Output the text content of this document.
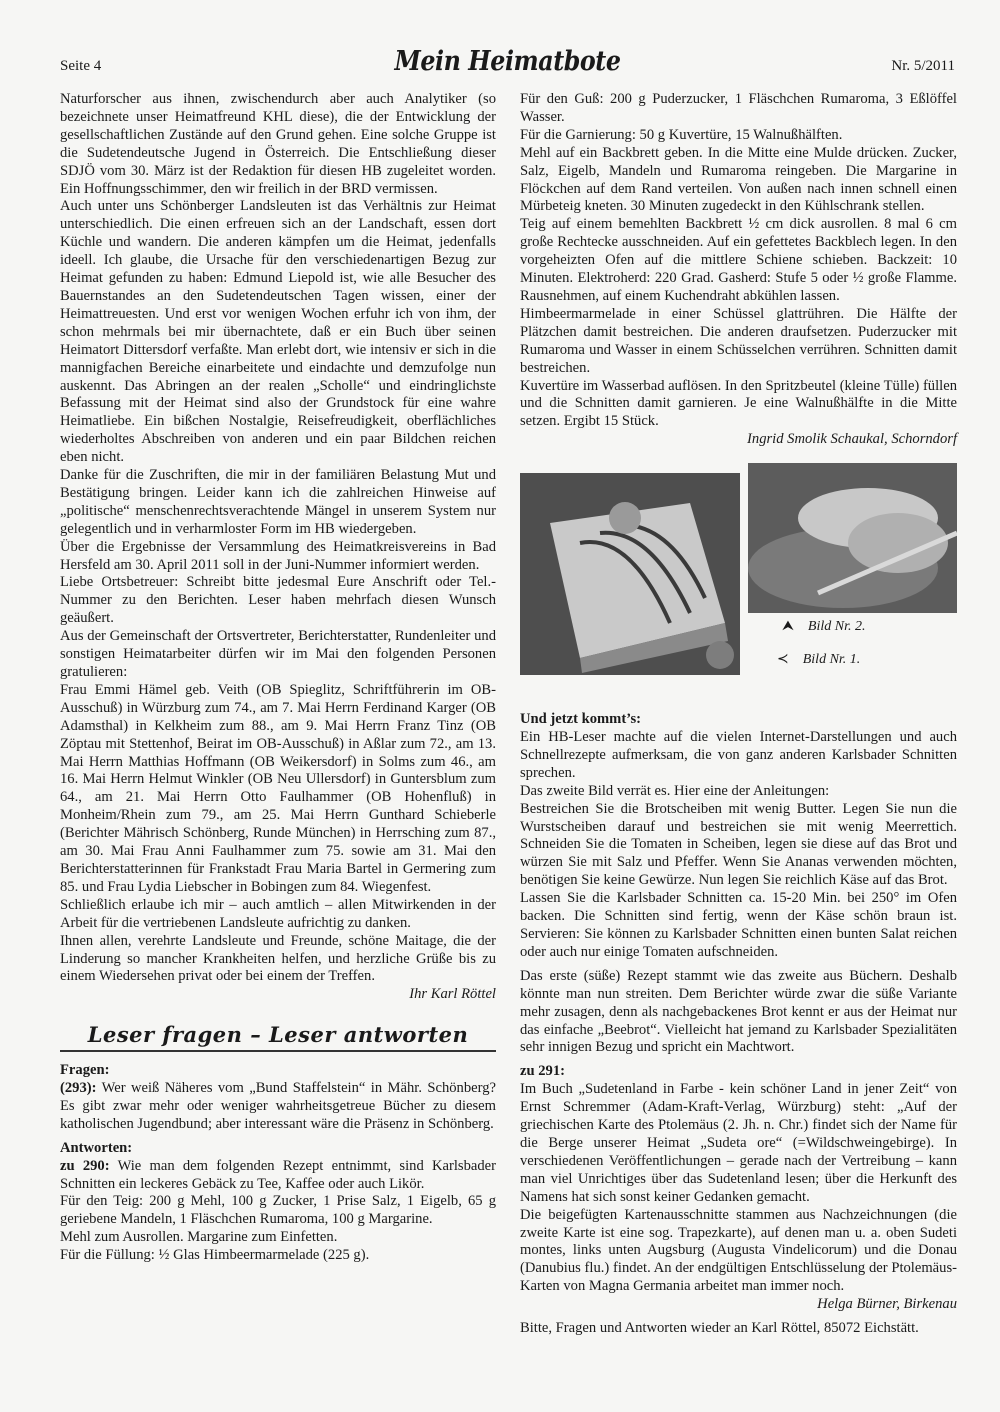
Seite 4	Mein Heimatbote	Nr. 5/2011

Naturforscher aus ihnen, zwischendurch aber auch Analytiker (so bezeichnete unser Heimatfreund KHL diese), die der Entwicklung der gesellschaftlichen Zustände auf den Grund gehen. Eine solche Gruppe ist die Sudetendeutsche Jugend in Österreich. Die Entschließung dieser SDJÖ vom 30. März ist der Redaktion für diesen HB zugeleitet worden. Ein Hoffnungsschimmer, den wir freilich in der BRD vermissen.

Auch unter uns Schönberger Landsleuten ist das Verhältnis zur Heimat unterschiedlich. Die einen erfreuen sich an der Landschaft, essen dort Küchle und wandern. Die anderen kämpfen um die Heimat, jedenfalls ideell. Ich glaube, die Ursache für den verschiedenartigen Bezug zur Heimat gefunden zu haben: Edmund Liepold ist, wie alle Besucher des Bauernstandes an den Sudetendeutschen Tagen wissen, einer der Heimattreuesten. Und erst vor wenigen Wochen erfuhr ich von ihm, der schon mehrmals bei mir übernachtete, daß er ein Buch über seinen Heimatort Dittersdorf verfaßte. Man erlebt dort, wie intensiv er sich in die mannigfachen Bereiche einarbeitete und eindachte und demzufolge nun auskennt. Das Abringen an der realen „Scholle“ und eindringlichste Befassung mit der Heimat sind also der Grundstock für eine wahre Heimatliebe. Ein bißchen Nostalgie, Reisefreudigkeit, oberflächliches wiederholtes Abschreiben von anderen und ein paar Bildchen reichen eben nicht.

Danke für die Zuschriften, die mir in der familiären Belastung Mut und Bestätigung bringen. Leider kann ich die zahlreichen Hinweise auf „politische“ menschenrechtsverachtende Mängel in unserem System nur gelegentlich und in verharmloster Form im HB wiedergeben.

Über die Ergebnisse der Versammlung des Heimatkreisvereins in Bad Hersfeld am 30. April 2011 soll in der Juni-Nummer informiert werden.

Liebe Ortsbetreuer: Schreibt bitte jedesmal Eure Anschrift oder Tel.-Nummer zu den Berichten. Leser haben mehrfach diesen Wunsch geäußert.

Aus der Gemeinschaft der Ortsvertreter, Berichterstatter, Rundenleiter und sonstigen Heimatarbeiter dürfen wir im Mai den folgenden Personen gratulieren:

Frau Emmi Hämel geb. Veith (OB Spieglitz, Schriftführerin im OB-Ausschuß) in Würzburg zum 74., am 7. Mai Herrn Ferdinand Karger (OB Adamsthal) in Kelkheim zum 88., am 9. Mai Herrn Franz Tinz (OB Zöptau mit Stettenhof, Beirat im OB-Ausschuß) in Aßlar zum 72., am 13. Mai Herrn Matthias Hoffmann (OB Weikersdorf) in Solms zum 46., am 16. Mai Herrn Helmut Winkler (OB Neu Ullersdorf) in Guntersblum zum 64., am 21. Mai Herrn Otto Faulhammer (OB Hohenfluß) in Monheim/Rhein zum 79., am 25. Mai Herrn Gunthard Schieberle (Berichter Mährisch Schönberg, Runde München) in Herrsching zum 87., am 30. Mai Frau Anni Faulhammer zum 75. sowie am 31. Mai den Berichterstatterinnen für Frankstadt Frau Maria Bartel in Germering zum 85. und Frau Lydia Liebscher in Bobingen zum 84. Wiegenfest.

Schließlich erlaube ich mir – auch amtlich – allen Mitwirkenden in der Arbeit für die vertriebenen Landsleute aufrichtig zu danken.

Ihnen allen, verehrte Landsleute und Freunde, schöne Maitage, die der Linderung so mancher Krankheiten helfen, und herzliche Grüße bis zu einem Wiedersehen privat oder bei einem der Treffen.

Ihr Karl Röttel

Leser fragen – Leser antworten

Fragen:

(293): Wer weiß Näheres vom „Bund Staffelstein“ in Mähr. Schönberg? Es gibt zwar mehr oder weniger wahrheitsgetreue Bücher zu diesem katholischen Jugendbund; aber interessant wäre die Präsenz in Schönberg.

Antworten:

zu 290: Wie man dem folgenden Rezept entnimmt, sind Karlsbader Schnitten ein leckeres Gebäck zu Tee, Kaffee oder auch Likör.

Für den Teig: 200 g Mehl, 100 g Zucker, 1 Prise Salz, 1 Eigelb, 65 g geriebene Mandeln, 1 Fläschchen Rumaroma, 100 g Margarine.

Mehl zum Ausrollen. Margarine zum Einfetten.

Für die Füllung: ½ Glas Himbeermarmelade (225 g).

Für den Guß: 200 g Puderzucker, 1 Fläschchen Rumaroma, 3 Eßlöffel Wasser.

Für die Garnierung: 50 g Kuvertüre, 15 Walnußhälften.

Mehl auf ein Backbrett geben. In die Mitte eine Mulde drücken. Zucker, Salz, Eigelb, Mandeln und Rumaroma reingeben. Die Margarine in Flöckchen auf dem Rand verteilen. Von außen nach innen schnell einen Mürbeteig kneten. 30 Minuten zugedeckt in den Kühlschrank stellen.

Teig auf einem bemehlten Backbrett ½ cm dick ausrollen. 8 mal 6 cm große Rechtecke ausschneiden. Auf ein gefettetes Backblech legen. In den vorgeheizten Ofen auf die mittlere Schiene schieben. Backzeit: 10 Minuten. Elektroherd: 220 Grad. Gasherd: Stufe 5 oder ½ große Flamme. Rausnehmen, auf einem Kuchendraht abkühlen lassen.

Himbeermarmelade in einer Schüssel glattrühren. Die Hälfte der Plätzchen damit bestreichen. Die anderen draufsetzen. Puderzucker mit Rumaroma und Wasser in einem Schüsselchen verrühren. Schnitten damit bestreichen.

Kuvertüre im Wasserbad auflösen. In den Spritzbeutel (kleine Tülle) füllen und die Schnitten damit garnieren. Je eine Walnußhälfte in die Mitte setzen. Ergibt 15 Stück.

Ingrid Smolik Schaukal, Schorndorf

⮝ Bild Nr. 2.
≺ Bild Nr. 1.

Und jetzt kommt’s:

Ein HB-Leser machte auf die vielen Internet-Darstellungen und auch Schnellrezepte aufmerksam, die von ganz anderen Karlsbader Schnitten sprechen.

Das zweite Bild verrät es. Hier eine der Anleitungen:

Bestreichen Sie die Brotscheiben mit wenig Butter. Legen Sie nun die Wurstscheiben darauf und bestreichen sie mit wenig Meerrettich. Schneiden Sie die Tomaten in Scheiben, legen sie diese auf das Brot und würzen Sie mit Salz und Pfeffer. Wenn Sie Ananas verwenden möchten, benötigen Sie keine Gewürze. Nun legen Sie reichlich Käse auf das Brot.

Lassen Sie die Karlsbader Schnitten ca. 15-20 Min. bei 250° im Ofen backen. Die Schnitten sind fertig, wenn der Käse schön braun ist. Servieren: Sie können zu Karlsbader Schnitten einen bunten Salat reichen oder auch nur einige Tomaten aufschneiden.

Das erste (süße) Rezept stammt wie das zweite aus Büchern. Deshalb könnte man nun streiten. Dem Berichter würde zwar die süße Variante mehr zusagen, denn als nachgebackenes Brot kennt er aus der Heimat nur das einfache „Beebrot“. Vielleicht hat jemand zu Karlsbader Spezialitäten sehr innigen Bezug und spricht ein Machtwort.

zu 291:

Im Buch „Sudetenland in Farbe - kein schöner Land in jener Zeit“ von Ernst Schremmer (Adam-Kraft-Verlag, Würzburg) steht: „Auf der griechischen Karte des Ptolemäus (2. Jh. n. Chr.) findet sich der Name für die Berge unserer Heimat „Sudeta ore“ (=Wildschweingebirge). In verschiedenen Veröffentlichungen – gerade nach der Vertreibung – kann man viel Unrichtiges über das Sudetenland lesen; über die Herkunft des Namens hat sich sonst keiner Gedanken gemacht.

Die beigefügten Kartenausschnitte stammen aus Nachzeichnungen (die zweite Karte ist eine sog. Trapezkarte), auf denen man u. a. oben Sudeti montes, links unten Augsburg (Augusta Vindelicorum) und die Donau (Danubius flu.) findet. An der endgültigen Entschlüsselung der Ptolemäus-Karten von Magna Germania arbeitet man immer noch.

Helga Bürner, Birkenau

Bitte, Fragen und Antworten wieder an Karl Röttel, 85072 Eichstätt.
